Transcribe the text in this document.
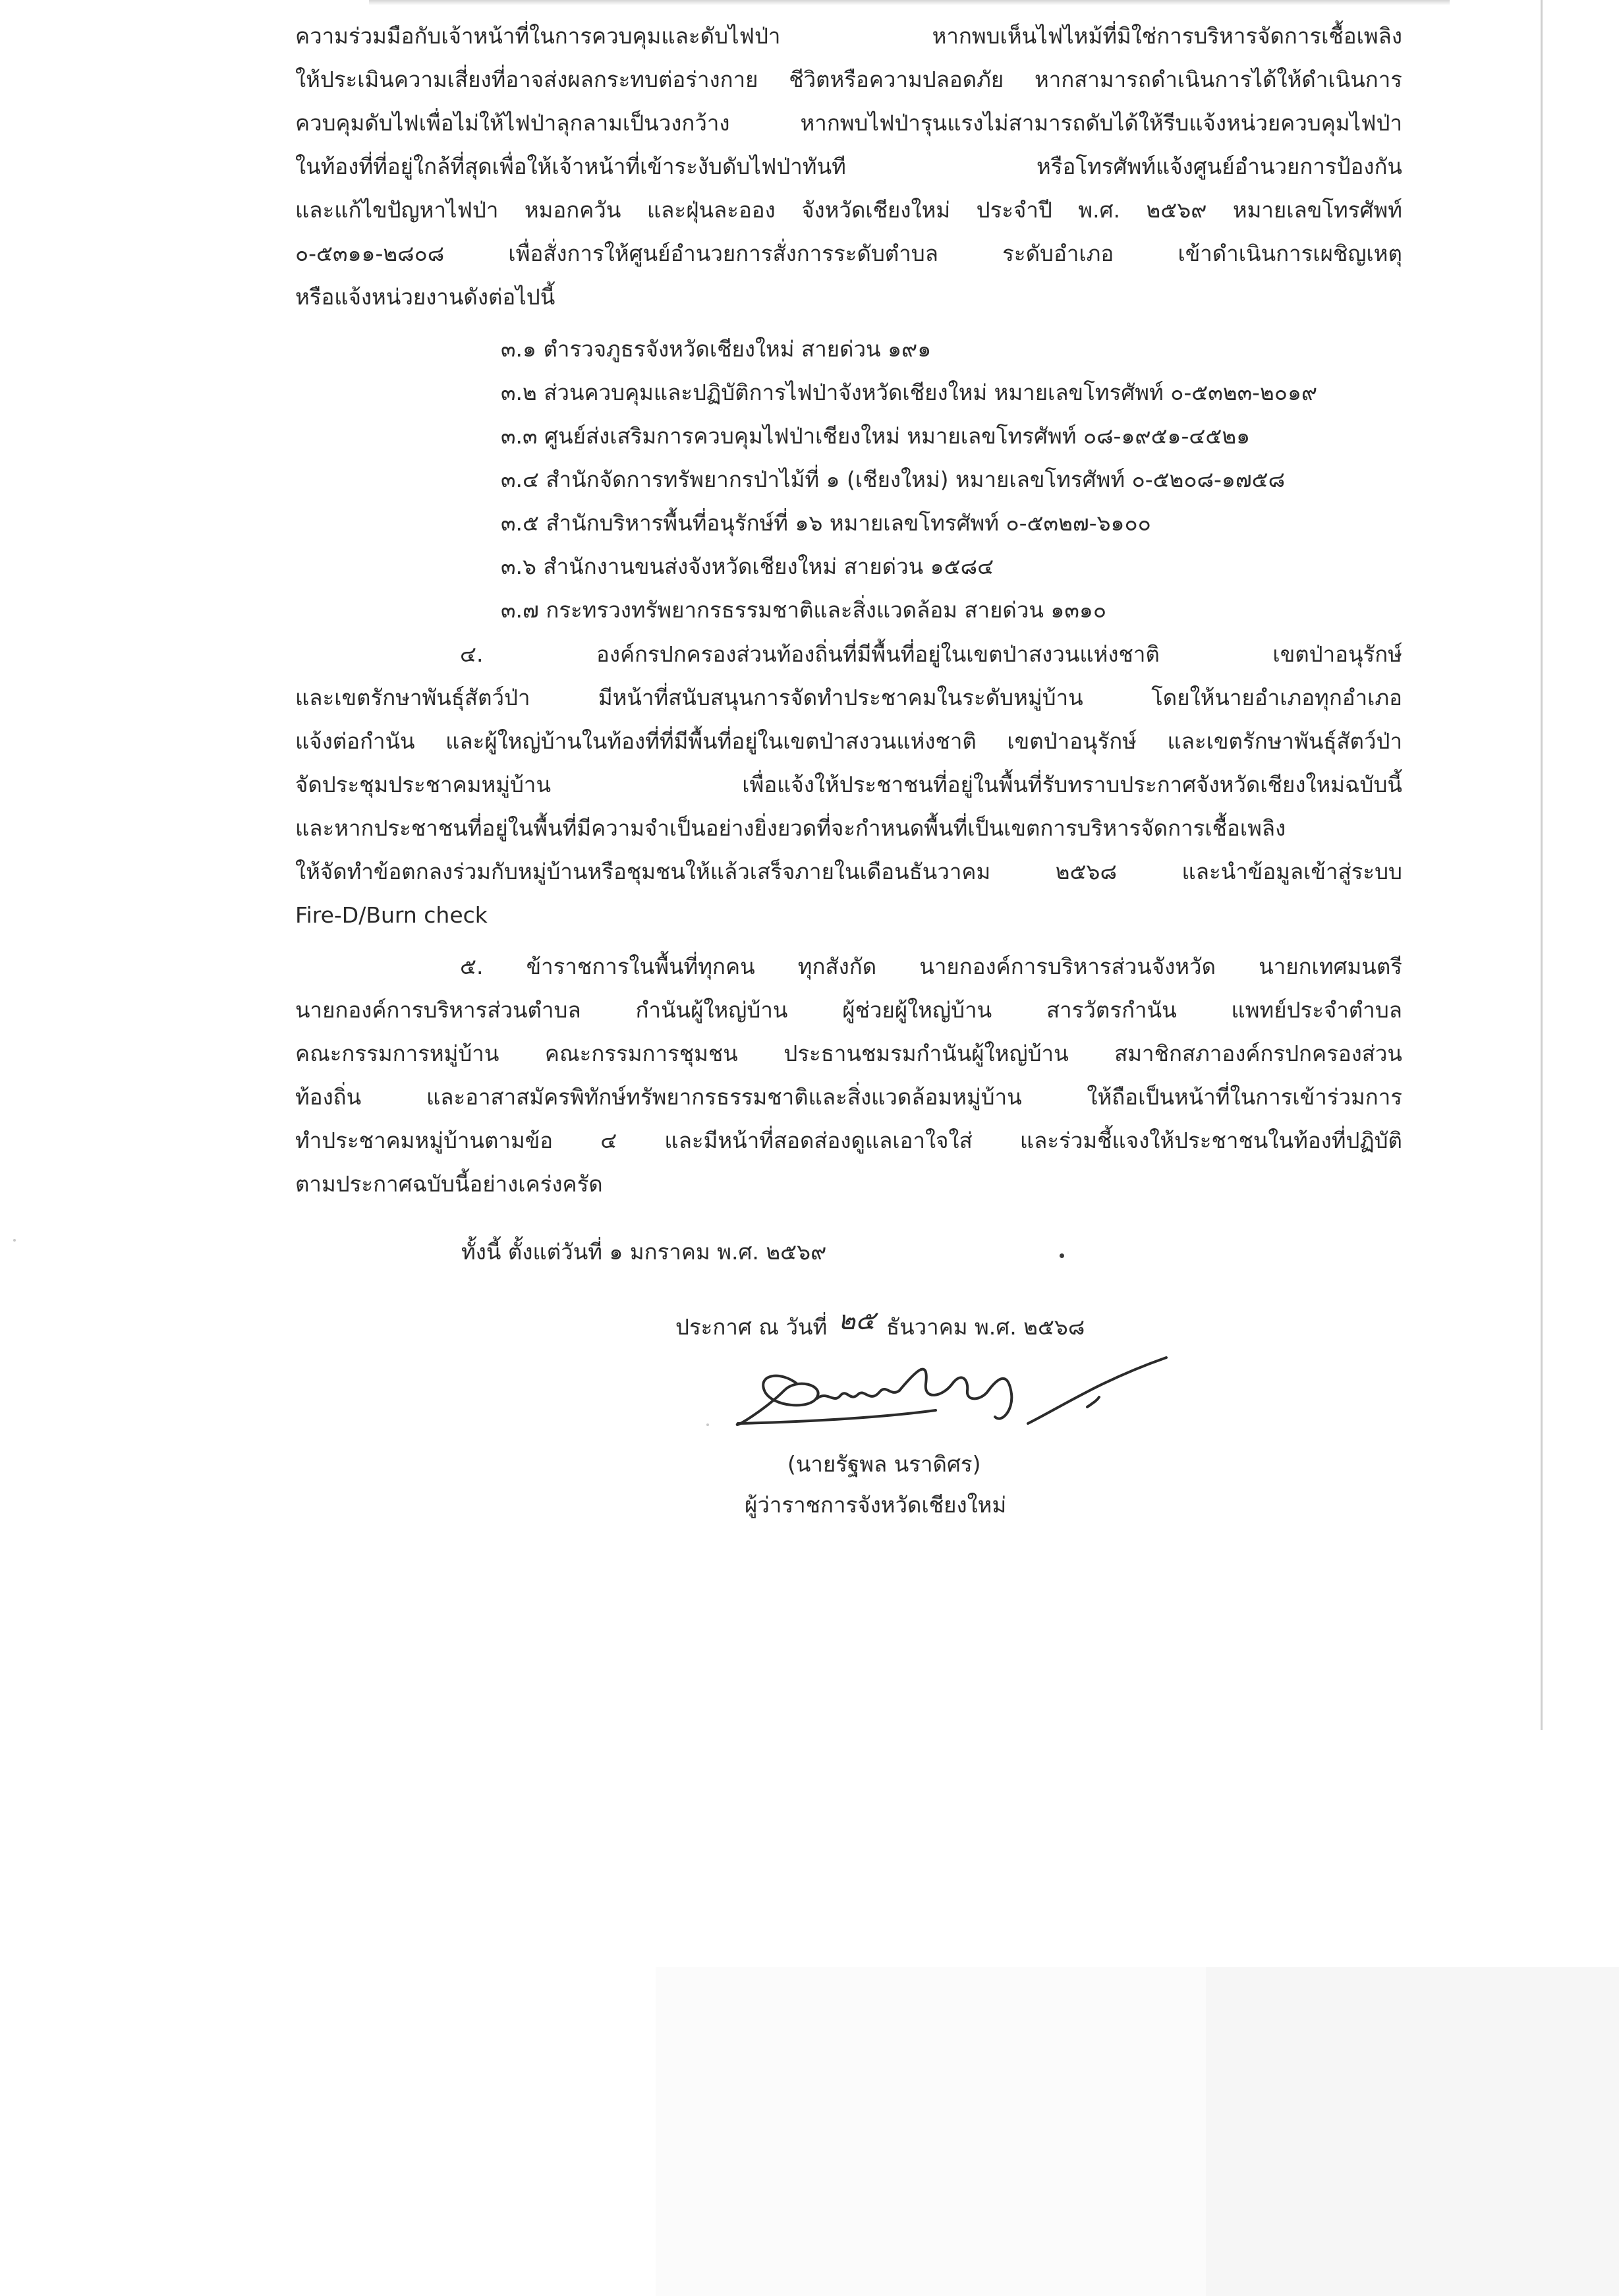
ความร่วมมือกับเจ้าหน้าที่ในการควบคุมและดับไฟป่า หากพบเห็นไฟไหม้ที่มิใช่การบริหารจัดการเชื้อเพลิง
ให้ประเมินความเสี่ยงที่อาจส่งผลกระทบต่อร่างกาย ชีวิตหรือความปลอดภัย หากสามารถดำเนินการได้ให้ดำเนินการ
ควบคุมดับไฟเพื่อไม่ให้ไฟป่าลุกลามเป็นวงกว้าง หากพบไฟป่ารุนแรงไม่สามารถดับได้ให้รีบแจ้งหน่วยควบคุมไฟป่า
ในท้องที่ที่อยู่ใกล้ที่สุดเพื่อให้เจ้าหน้าที่เข้าระงับดับไฟป่าทันที หรือโทรศัพท์แจ้งศูนย์อำนวยการป้องกัน
และแก้ไขปัญหาไฟป่า หมอกควัน และฝุ่นละออง จังหวัดเชียงใหม่ ประจำปี พ.ศ. ๒๕๖๙ หมายเลขโทรศัพท์
๐-๕๓๑๑-๒๘๐๘ เพื่อสั่งการให้ศูนย์อำนวยการสั่งการระดับตำบล ระดับอำเภอ เข้าดำเนินการเผชิญเหตุ
หรือแจ้งหน่วยงานดังต่อไปนี้
๓.๑ ตำรวจภูธรจังหวัดเชียงใหม่ สายด่วน ๑๙๑
๓.๒ ส่วนควบคุมและปฏิบัติการไฟป่าจังหวัดเชียงใหม่ หมายเลขโทรศัพท์ ๐-๕๓๒๓-๒๐๑๙
๓.๓ ศูนย์ส่งเสริมการควบคุมไฟป่าเชียงใหม่ หมายเลขโทรศัพท์ ๐๘-๑๙๕๑-๔๕๒๑
๓.๔ สำนักจัดการทรัพยากรป่าไม้ที่ ๑ (เชียงใหม่) หมายเลขโทรศัพท์ ๐-๕๒๐๘-๑๗๕๘
๓.๕ สำนักบริหารพื้นที่อนุรักษ์ที่ ๑๖ หมายเลขโทรศัพท์ ๐-๕๓๒๗-๖๑๐๐
๓.๖ สำนักงานขนส่งจังหวัดเชียงใหม่ สายด่วน ๑๕๘๔
๓.๗ กระทรวงทรัพยากรธรรมชาติและสิ่งแวดล้อม สายด่วน ๑๓๑๐
๔. องค์กรปกครองส่วนท้องถิ่นที่มีพื้นที่อยู่ในเขตป่าสงวนแห่งชาติ เขตป่าอนุรักษ์
และเขตรักษาพันธุ์สัตว์ป่า มีหน้าที่สนับสนุนการจัดทำประชาคมในระดับหมู่บ้าน โดยให้นายอำเภอทุกอำเภอ
แจ้งต่อกำนัน และผู้ใหญ่บ้านในท้องที่ที่มีพื้นที่อยู่ในเขตป่าสงวนแห่งชาติ เขตป่าอนุรักษ์ และเขตรักษาพันธุ์สัตว์ป่า
จัดประชุมประชาคมหมู่บ้าน เพื่อแจ้งให้ประชาชนที่อยู่ในพื้นที่รับทราบประกาศจังหวัดเชียงใหม่ฉบับนี้
และหากประชาชนที่อยู่ในพื้นที่มีความจำเป็นอย่างยิ่งยวดที่จะกำหนดพื้นที่เป็นเขตการบริหารจัดการเชื้อเพลิง
ให้จัดทำข้อตกลงร่วมกับหมู่บ้านหรือชุมชนให้แล้วเสร็จภายในเดือนธันวาคม ๒๕๖๘ และนำข้อมูลเข้าสู่ระบบ
Fire-D/Burn check
๕. ข้าราชการในพื้นที่ทุกคน ทุกสังกัด นายกองค์การบริหารส่วนจังหวัด นายกเทศมนตรี
นายกองค์การบริหารส่วนตำบล กำนันผู้ใหญ่บ้าน ผู้ช่วยผู้ใหญ่บ้าน สารวัตรกำนัน แพทย์ประจำตำบล
คณะกรรมการหมู่บ้าน คณะกรรมการชุมชน ประธานชมรมกำนันผู้ใหญ่บ้าน สมาชิกสภาองค์กรปกครองส่วน
ท้องถิ่น และอาสาสมัครพิทักษ์ทรัพยากรธรรมชาติและสิ่งแวดล้อมหมู่บ้าน ให้ถือเป็นหน้าที่ในการเข้าร่วมการ
ทำประชาคมหมู่บ้านตามข้อ ๔ และมีหน้าที่สอดส่องดูแลเอาใจใส่ และร่วมชี้แจงให้ประชาชนในท้องที่ปฏิบัติ
ตามประกาศฉบับนี้อย่างเคร่งครัด
ทั้งนี้ ตั้งแต่วันที่ ๑ มกราคม พ.ศ. ๒๕๖๙
ประกาศ ณ วันที่ ๒๕ ธันวาคม พ.ศ. ๒๕๖๘
(นายรัฐพล นราดิศร)
ผู้ว่าราชการจังหวัดเชียงใหม่
